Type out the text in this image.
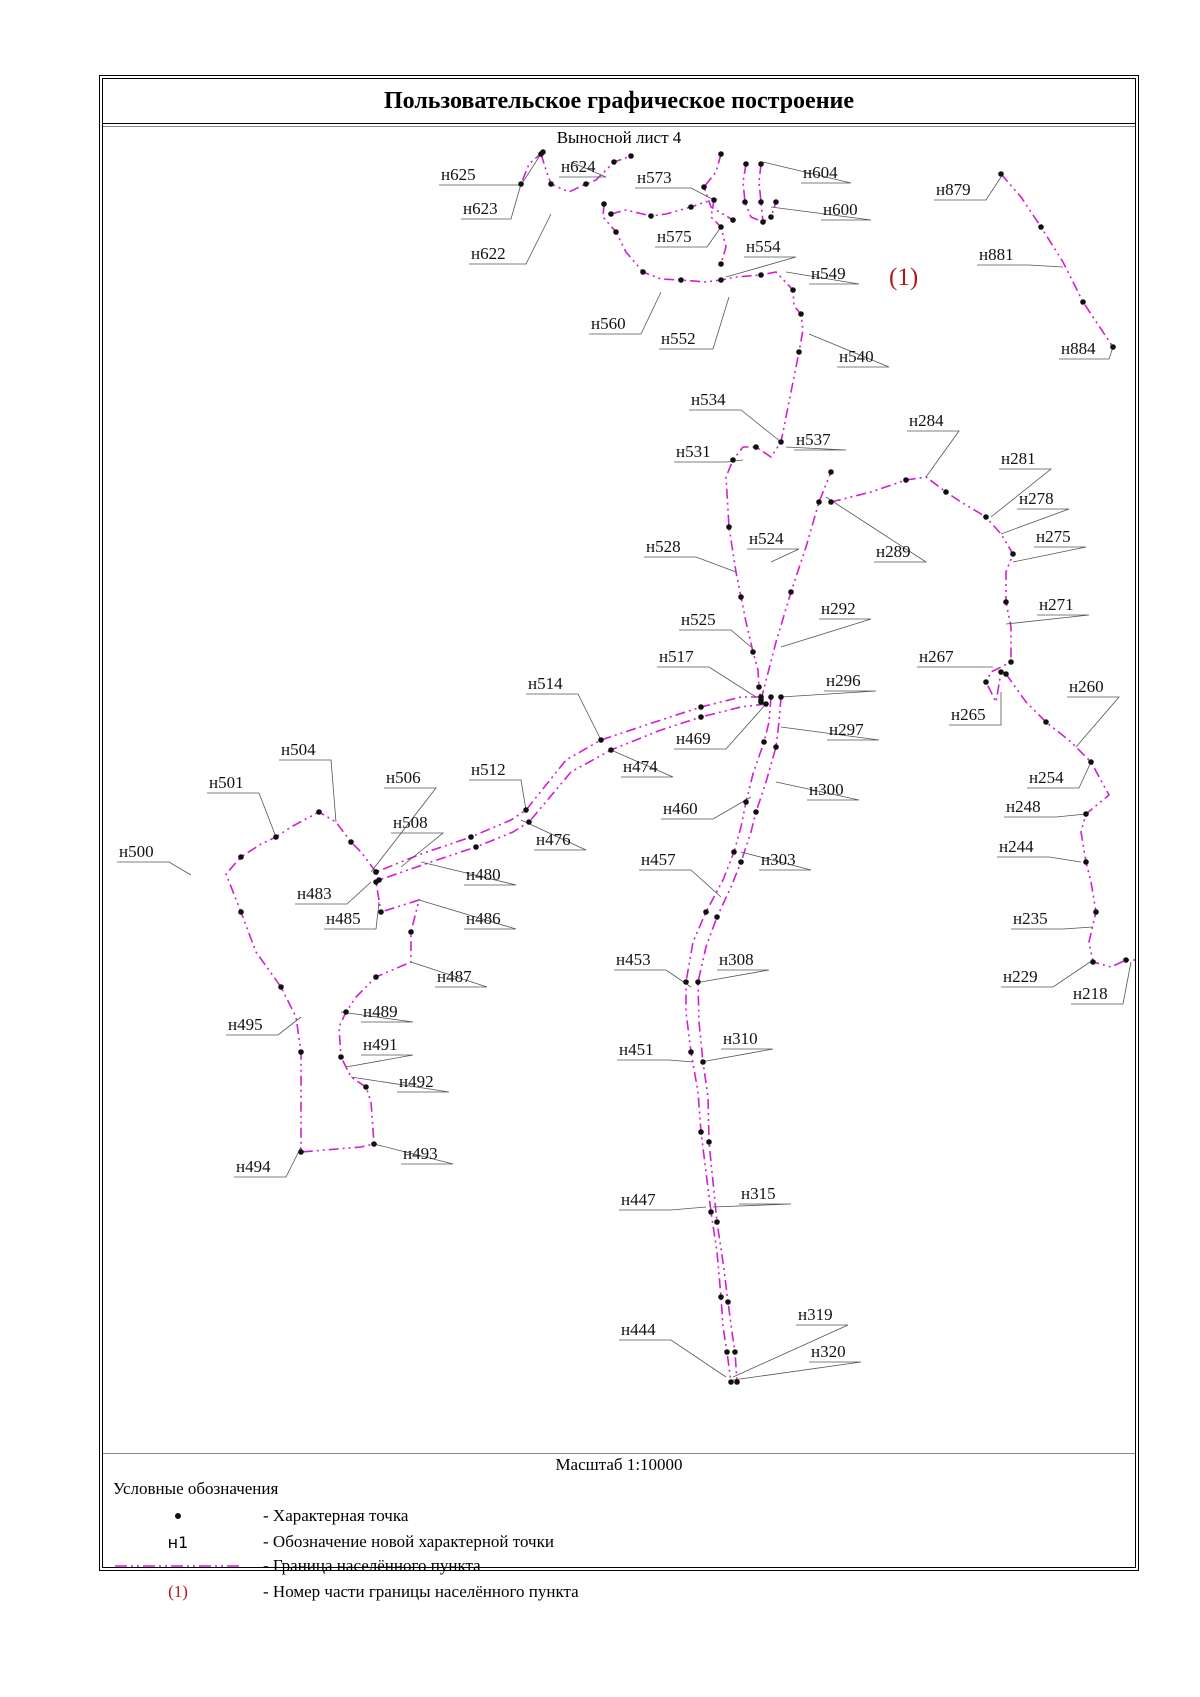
Пользовательское графическое построение
н625	н624
н623
н622
н573
н575
н604
н600
н554
н549
н560
н552
н540
н879
н881
н884
н534
н531
н537
н284
н281
н278
н275
н271
н267
н265
н260
н254
н248
н244
н235
н229
н218
н289
н528	н524
н525
н292
н517
н296
н514
н469	н297
н474
н300
н460
н303
н457
н453	н308
н451
н310
н447	н315
н444
н319
н320
н504
н501	н506	н512
н508
н500
н480
н476
н483
н485	н486
н487
н489
н495
н491
н492
н494
н493
(1)
Выносной лист 4
Масштаб 1:10000
Условные обозначения
- Характерная точка
н1	- Обозначение новой характерной точки
- Граница населённого пункта
(1)	- Номер части границы населённого пункта
